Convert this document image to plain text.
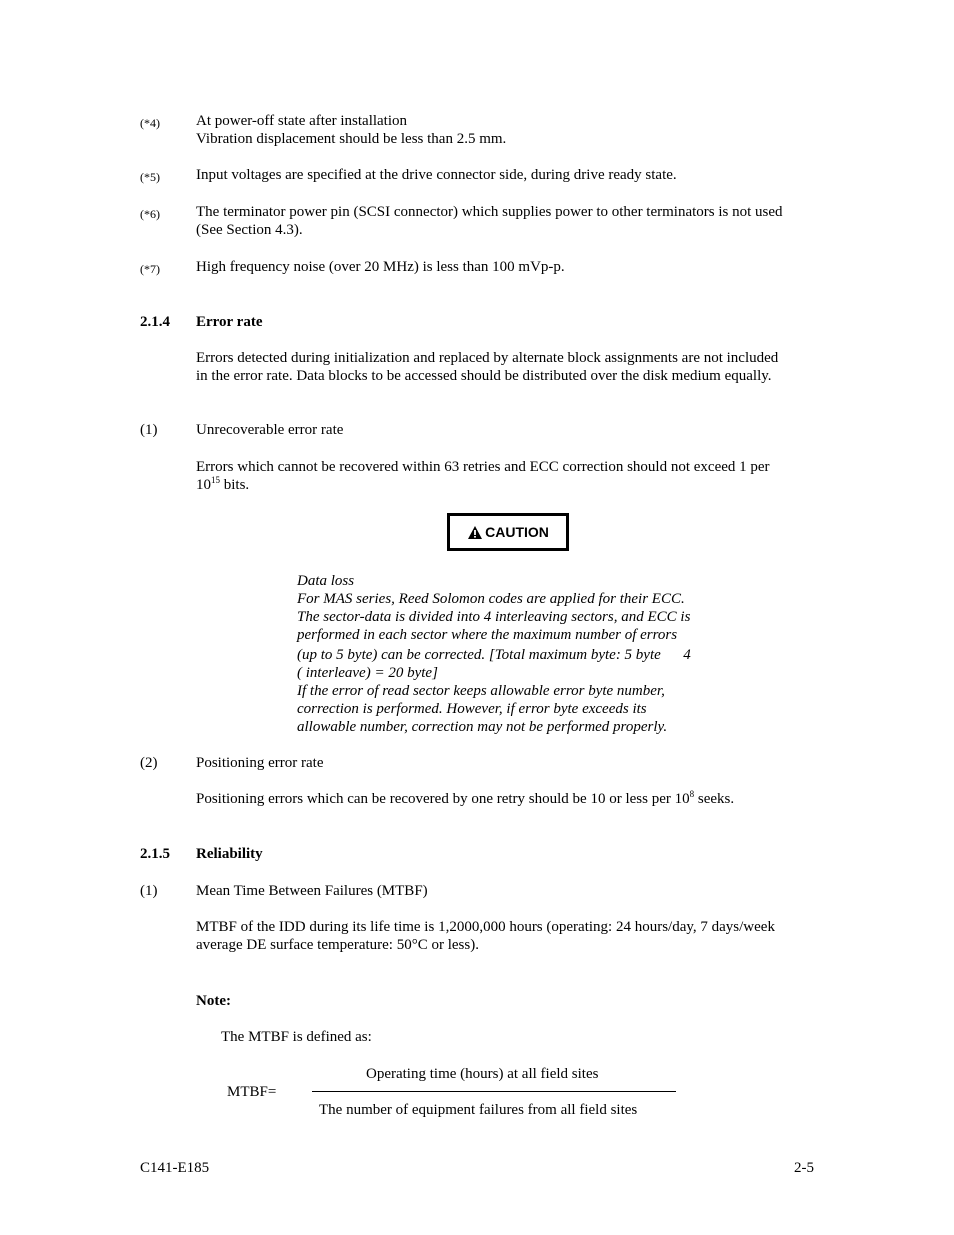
(*4) At power-off state after installation
Vibration displacement should be less than 2.5 mm.
(*5) Input voltages are specified at the drive connector side, during drive ready state.
(*6) The terminator power pin (SCSI connector) which supplies power to other terminators is not used
(See Section 4.3).
(*7) High frequency noise (over 20 MHz) is less than 100 mVp-p.
2.1.4 Error rate
Errors detected during initialization and replaced by alternate block assignments are not included
in the error rate. Data blocks to be accessed should be distributed over the disk medium equally.
(1)	Unrecoverable error rate
Errors which cannot be recovered within 63 retries and ECC correction should not exceed 1 per
$10^{15}$ bits.
CAUTION
Data loss
For MAS series, Reed Solomon codes are applied for their ECC.
The sector-data is divided into 4 interleaving sectors, and ECC is
performed in each sector where the maximum number of errors
(up to 5 byte) can be corrected. [Total maximum byte: 5 byte      4
( interleave) = 20 byte]
If the error of read sector keeps allowable error byte number,
correction is performed. However, if error byte exceeds its
allowable number, correction may not be performed properly.
(2)	Positioning error rate
Positioning errors which can be recovered by one retry should be 10 or less per $10^8$ seeks.
2.1.5 Reliability
(1)	Mean Time Between Failures (MTBF)
MTBF of the IDD during its life time is 1,2000,000 hours (operating: 24 hours/day, 7 days/week
average DE surface temperature: 50°C or less).
Note:
The MTBF is defined as:
Operating time (hours) at all field sites
MTBF=
The number of equipment failures from all field sites
C141-E185	2-5
